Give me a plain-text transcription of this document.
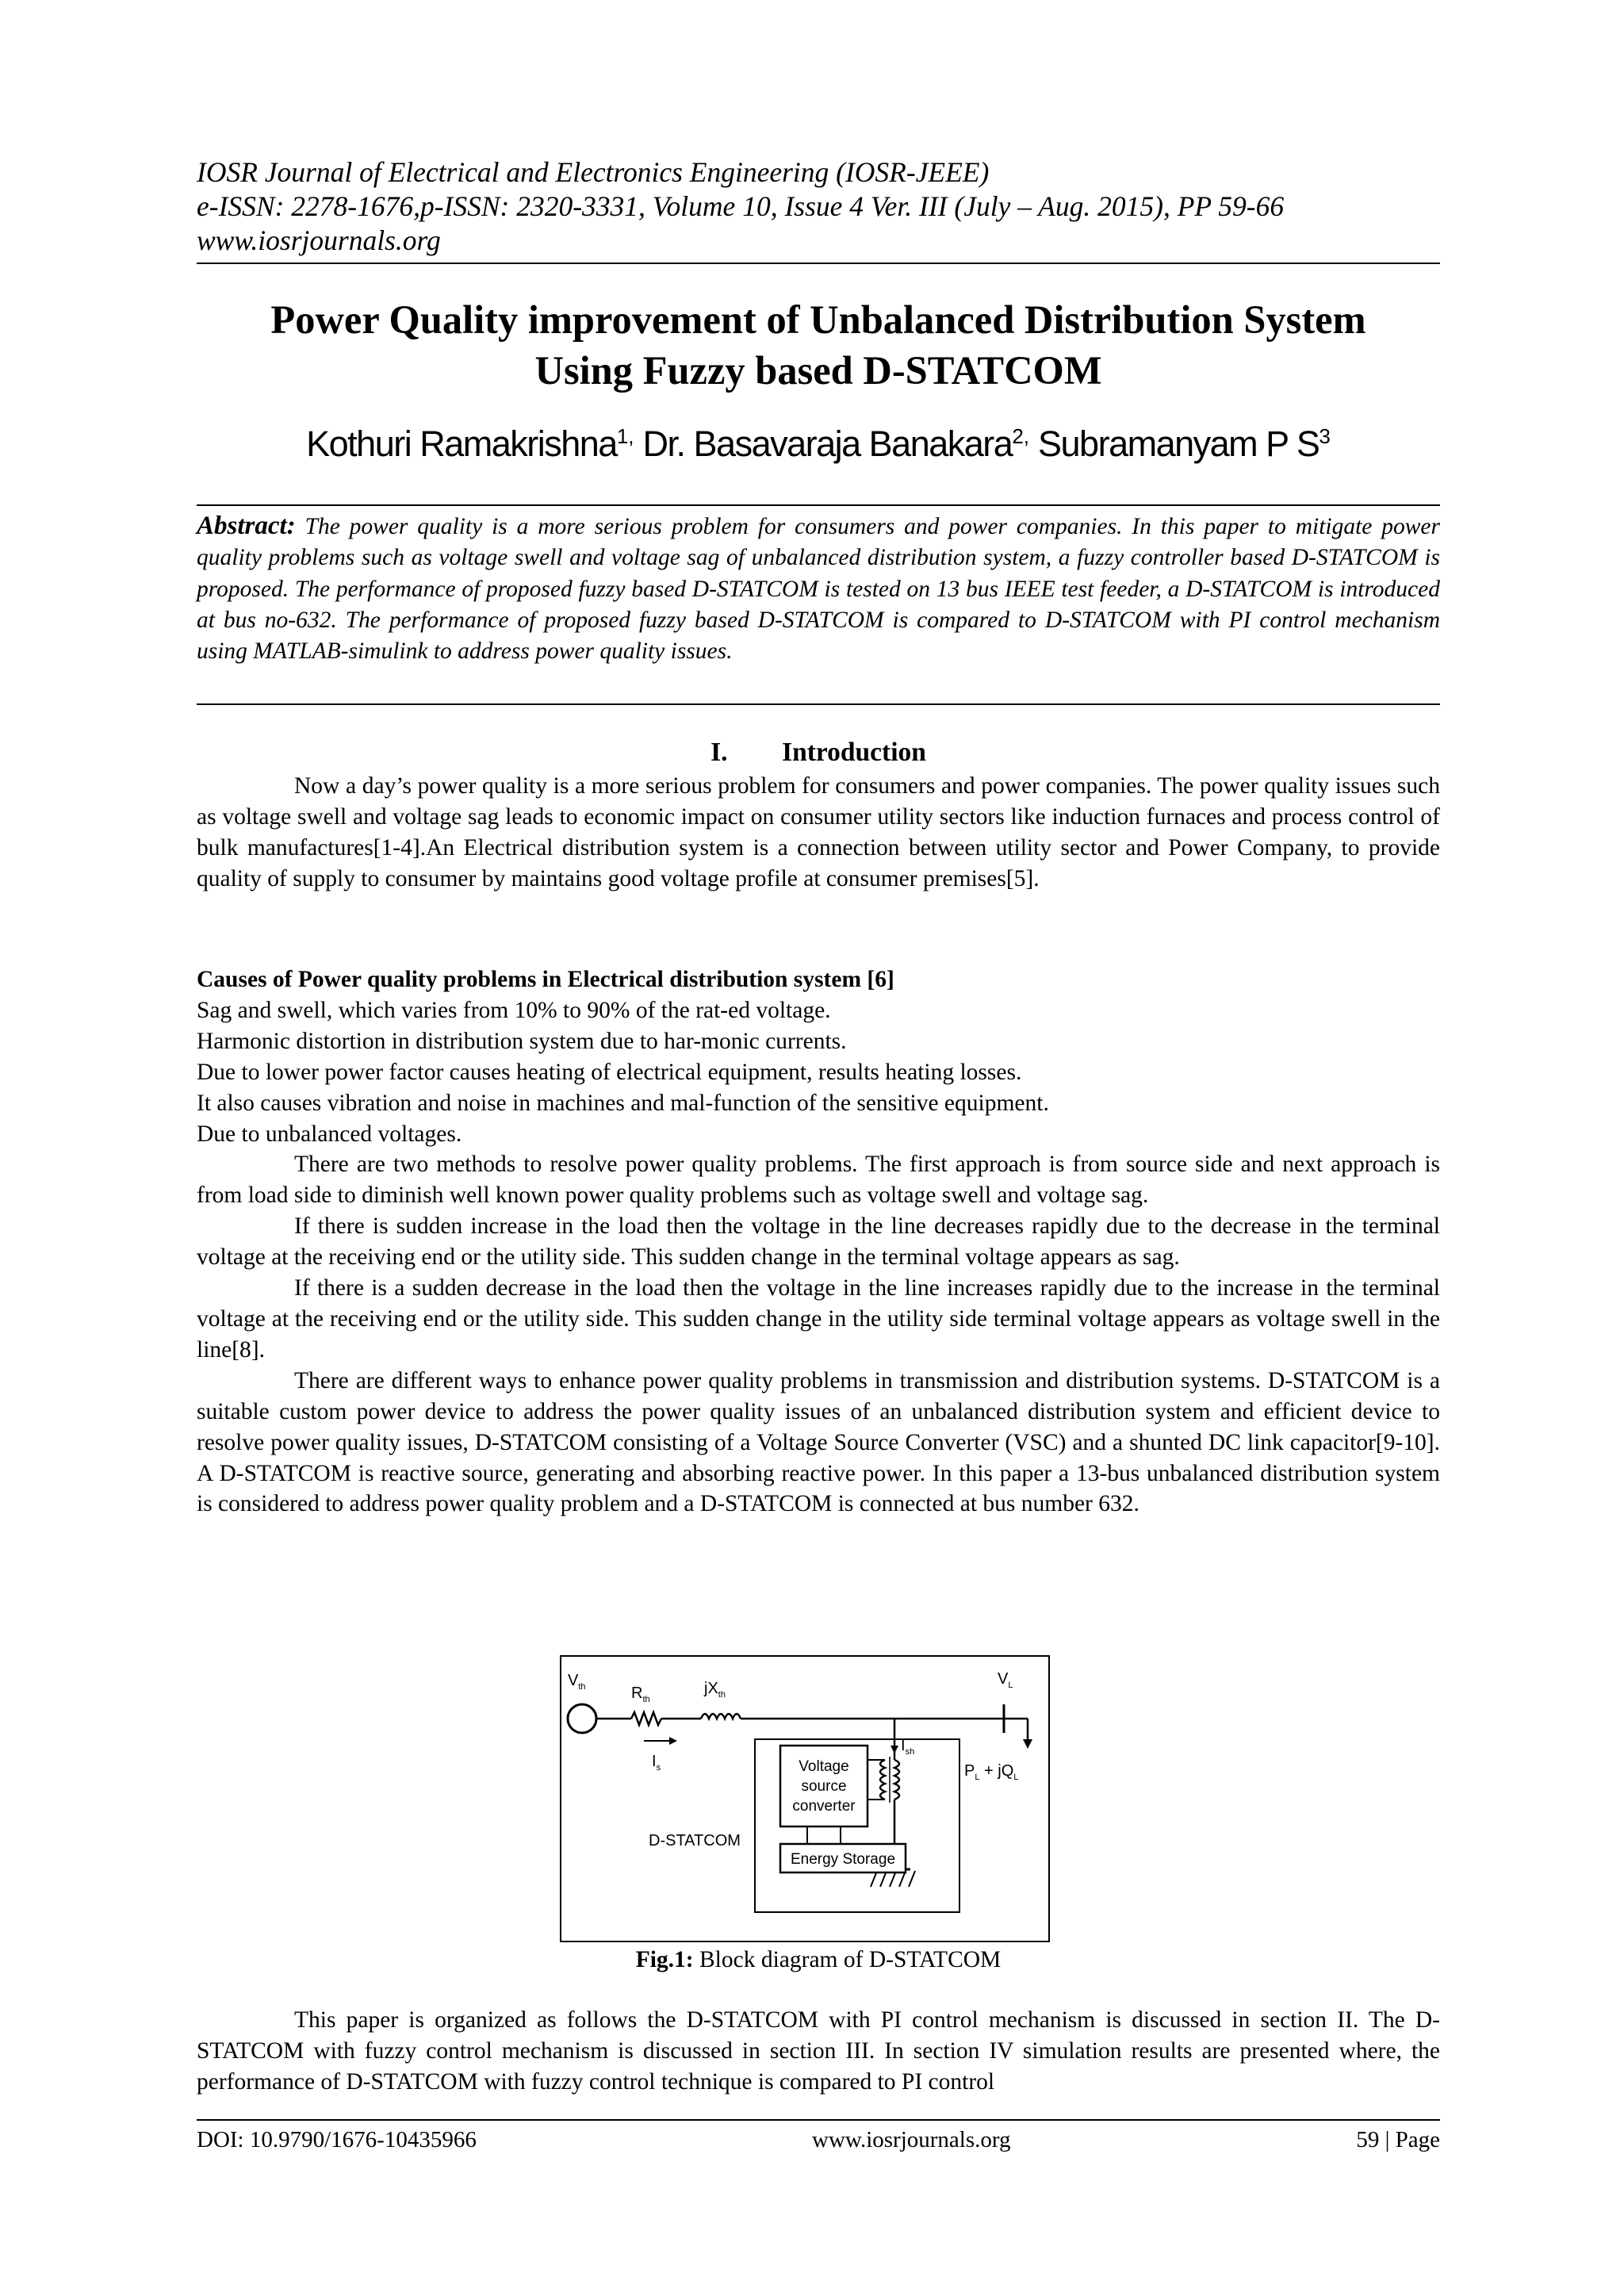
IOSR Journal of Electrical and Electronics Engineering (IOSR-JEEE)
e-ISSN: 2278-1676,p-ISSN: 2320-3331, Volume 10, Issue 4 Ver. III (July – Aug. 2015), PP 59-66
www.iosrjournals.org
Power Quality improvement of Unbalanced Distribution System
Using Fuzzy based D-STATCOM
Kothuri Ramakrishna$^{1,}$ Dr. Basavaraja Banakara$^{2,}$ Subramanyam P $S^3$
Abstract: The power quality is a more serious problem for consumers and power companies. In this paper to mitigate power quality problems such as voltage swell and voltage sag of unbalanced distribution system, a fuzzy controller based D-STATCOM is proposed. The performance of proposed fuzzy based D-STATCOM is tested on 13 bus IEEE test feeder, a D-STATCOM is introduced at bus no-632. The performance of proposed fuzzy based D-STATCOM is compared to D-STATCOM with PI control mechanism using MATLAB-simulink to address power quality issues.
I. Introduction

Now a day’s power quality is a more serious problem for consumers and power companies. The power quality issues such as voltage swell and voltage sag leads to economic impact on consumer utility sectors like induction furnaces and process control of bulk manufactures[1-4].An Electrical distribution system is a connection between utility sector and Power Company, to provide quality of supply to consumer by maintains good voltage profile at consumer premises[5].

Causes of Power quality problems in Electrical distribution system [6]

Sag and swell, which varies from 10% to 90% of the rat-ed voltage.
Harmonic distortion in distribution system due to har-monic currents.
Due to lower power factor causes heating of electrical equipment, results heating losses.
It also causes vibration and noise in machines and mal-function of the sensitive equipment.
Due to unbalanced voltages.

There are two methods to resolve power quality problems. The first approach is from source side and next approach is from load side to diminish well known power quality problems such as voltage swell and voltage sag.

If there is sudden increase in the load then the voltage in the line decreases rapidly due to the decrease in the terminal voltage at the receiving end or the utility side. This sudden change in the terminal voltage appears as sag.

If there is a sudden decrease in the load then the voltage in the line increases rapidly due to the increase in the terminal voltage at the receiving end or the utility side. This sudden change in the utility side terminal voltage appears as voltage swell in the line[8].

There are different ways to enhance power quality problems in transmission and distribution systems. D-STATCOM is a suitable custom power device to address the power quality issues of an unbalanced distribution system and efficient device to resolve power quality issues, D-STATCOM consisting of a Voltage Source Converter (VSC) and a shunted DC link capacitor[9-10]. A D-STATCOM is reactive source, generating and absorbing reactive power. In this paper a 13-bus unbalanced distribution system is considered to address power quality problem and a D-STATCOM is connected at bus number 632.

$V_{th}$	$R_{th}$
$jX_{th}$
$I_s$
$V_L$
$P_L + jQ_L$
D-STATCOM
$I_{sh}$
Voltage
source
converter
Energy Storage
Fig.1: Block diagram of D-STATCOM

This paper is organized as follows the D-STATCOM with PI control mechanism is discussed in section II. The D-STATCOM with fuzzy control mechanism is discussed in section III. In section IV simulation results are presented where, the performance of D-STATCOM with fuzzy control technique is compared to PI control

DOI: 10.9790/1676-10435966	www.iosrjournals.org	59 | Page
